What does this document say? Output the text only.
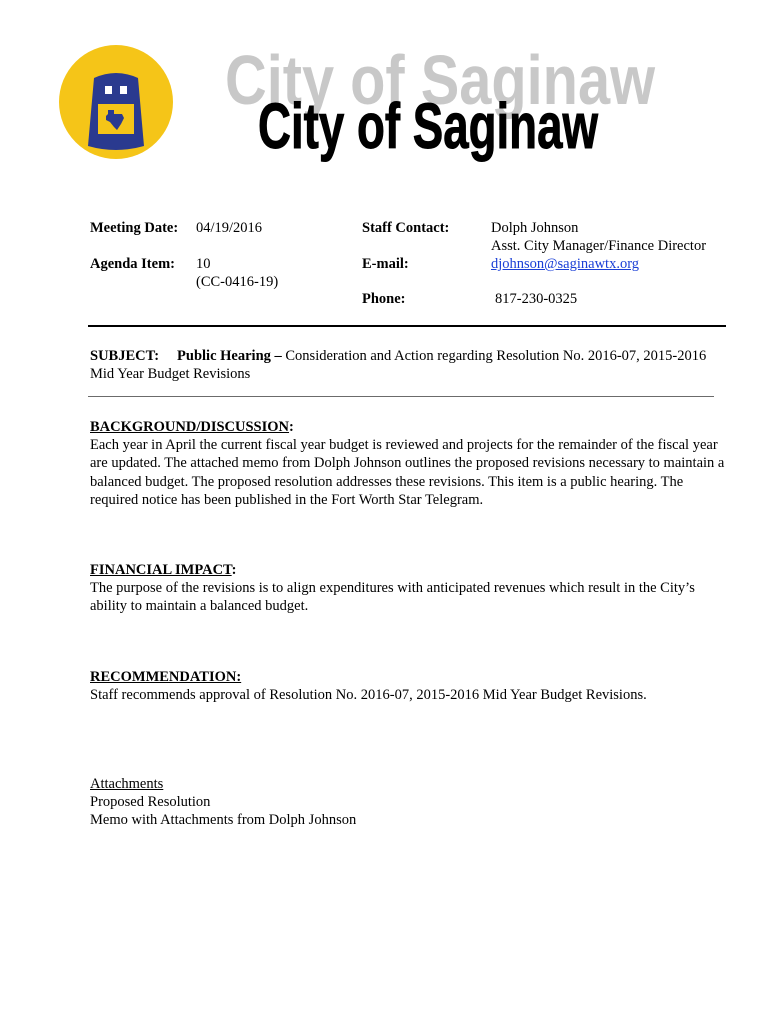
City of Saginaw
City of Saginaw
Meeting Date: 04/19/2016
Agenda Item: 10
(CC-0416-19)
Staff Contact:	Dolph Johnson
Asst. City Manager/Finance Director
E-mail:	djohnson@saginawtx.org
Phone:	817-230-0325
SUBJECT: Public Hearing – Consideration and Action regarding Resolution No. 2016-07, 2015-2016
Mid Year Budget Revisions
BACKGROUND/DISCUSSION:
Each year in April the current fiscal year budget is reviewed and projects for the remainder of the fiscal year are updated. The attached memo from Dolph Johnson outlines the proposed revisions necessary to maintain a balanced budget. The proposed resolution addresses these revisions. This item is a public hearing. The required notice has been published in the Fort Worth Star Telegram.
FINANCIAL IMPACT:
The purpose of the revisions is to align expenditures with anticipated revenues which result in the City’s ability to maintain a balanced budget.
RECOMMENDATION:
Staff recommends approval of Resolution No. 2016-07, 2015-2016 Mid Year Budget Revisions.
Attachments
Proposed Resolution
Memo with Attachments from Dolph Johnson
